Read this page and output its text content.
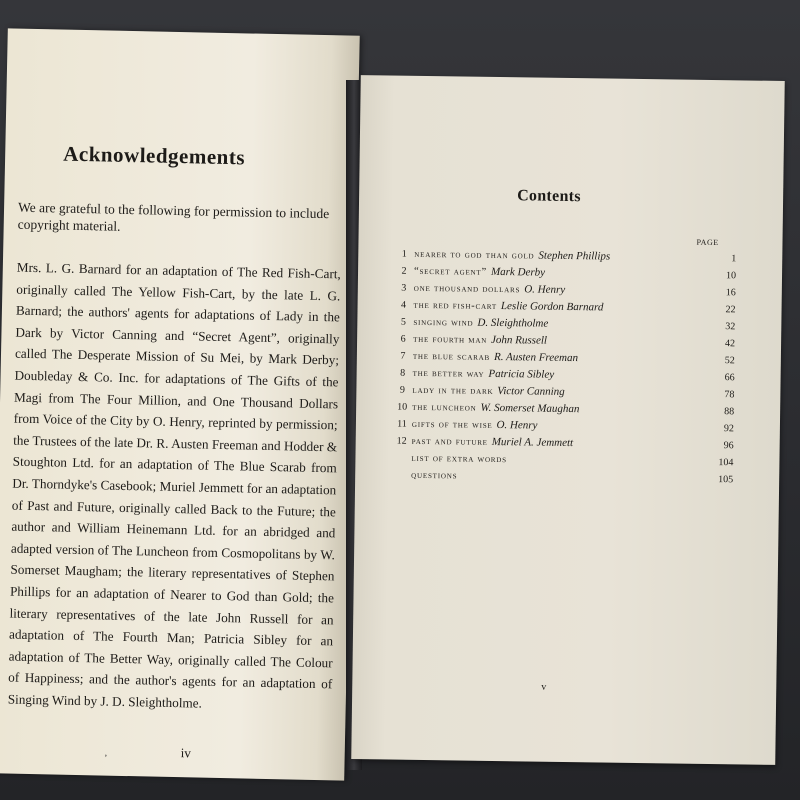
Acknowledgements
We are grateful to the following for permission to include copyright material.

Mrs. L. G. Barnard for an adaptation of The Red Fish-Cart, originally called The Yellow Fish-Cart, by the late L. G. Barnard; the authors' agents for adaptations of Lady in the Dark by Victor Canning and “Secret Agent”, originally called The Desperate Mission of Su Mei, by Mark Derby; Doubleday & Co. Inc. for adaptations of The Gifts of the Magi from The Four Million, and One Thousand Dollars from Voice of the City by O. Henry, reprinted by permission; the Trustees of the late Dr. R. Austen Freeman and Hodder & Stoughton Ltd. for an adaptation of The Blue Scarab from Dr. Thorndyke's Casebook; Muriel Jemmett for an adaptation of Past and Future, originally called Back to the Future; the author and William Heinemann Ltd. for an abridged and adapted version of The Luncheon from Cosmopolitans by W. Somerset Maugham; the literary representatives of Stephen Phillips for an adaptation of Nearer to God than Gold; the literary representatives of the late John Russell for an adaptation of The Fourth Man; Patricia Sibley for an adaptation of The Better Way, originally called The Colour of Happiness; and the author's agents for an adaptation of Singing Wind by J. D. Sleightholme.

,	iv
Contents
PAGE
1 nearer to god than gold Stephen Phillips	1
2 “secret agent” Mark Derby	10
3 one thousand dollars O. Henry	16
4 the red fish-cart Leslie Gordon Barnard	22
5 singing wind D. Sleightholme	32
6 the fourth man John Russell	42
7 the blue scarab R. Austen Freeman	52
8 the better way Patricia Sibley	66
9 lady in the dark Victor Canning	78
10 the luncheon W. Somerset Maughan	88
11 gifts of the wise O. Henry	92
12 past and future Muriel A. Jemmett	96
list of extra words	104
questions	105
v
